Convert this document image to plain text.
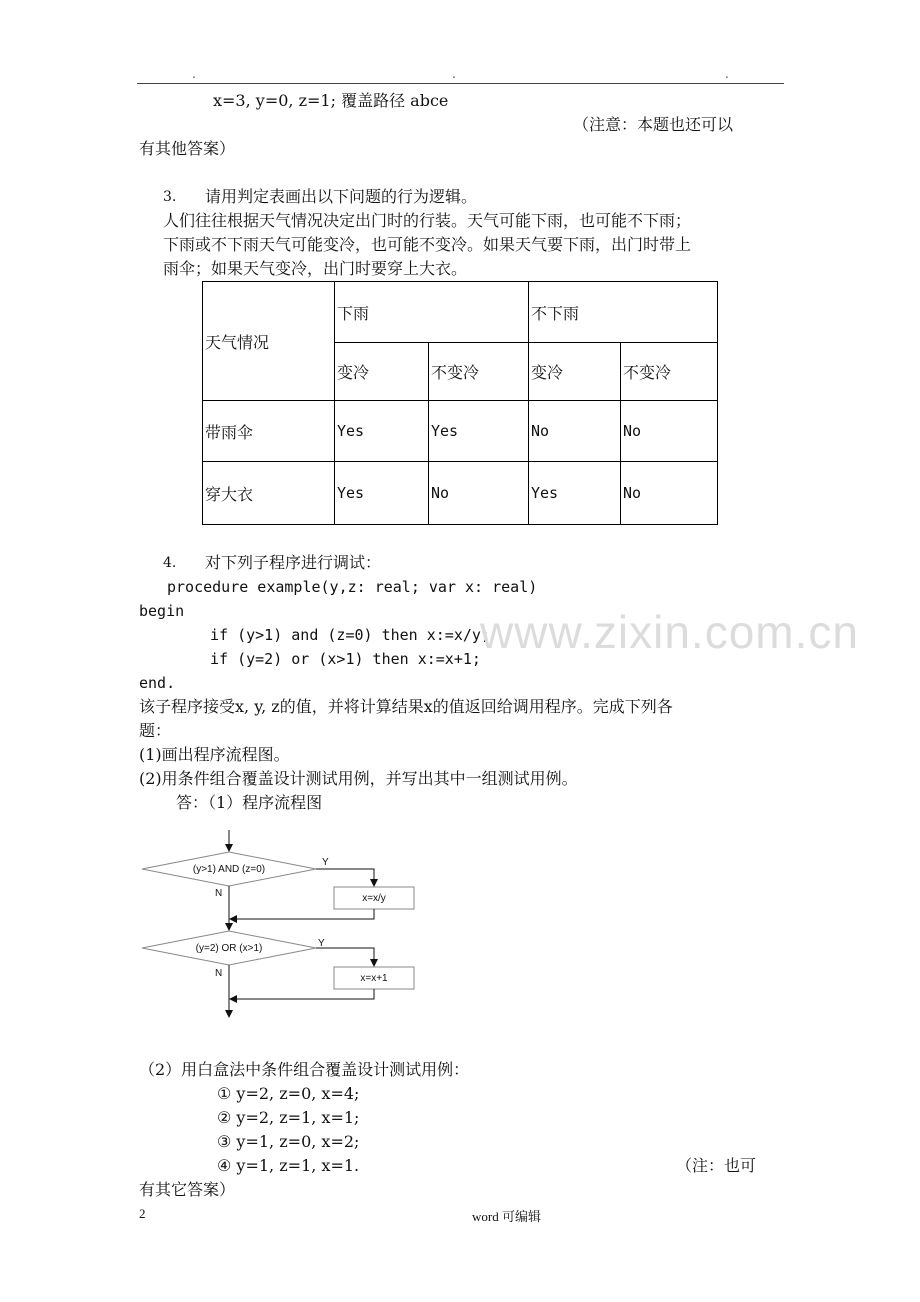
.	.	.
x=3, y=0, z=1; 覆盖路径 abce
（注意：本题也还可以
有其他答案）
3. 请用判定表画出以下问题的行为逻辑。
人们往往根据天气情况决定出门时的行装。天气可能下雨，也可能不下雨；
下雨或不下雨天气可能变冷，也可能不变冷。如果天气要下雨，出门时带上
雨伞；如果天气变冷，出门时要穿上大衣。
天气情况	下雨		不下雨	
	变冷	不变冷	变冷	不变冷
带雨伞	Yes	Yes	No	No
穿大衣	Yes	No	Yes	No
4. 对下列子程序进行调试：
procedure example(y,z: real; var x: real)
begin
if (y>1) and (z=0) then x:=x/y;
if (y=2) or (x>1) then x:=x+1;
end.
www.zixin.com.cn
该子程序接受x, y, z的值，并将计算结果x的值返回给调用程序。完成下列各
题：
(1)画出程序流程图。
(2)用条件组合覆盖设计测试用例，并写出其中一组测试用例。
答：（1）程序流程图
(y>1) AND (z=0)
Y
x=x/y
N
(y=2) OR (x>1)	Y
x=x+1
N
（2）用白盒法中条件组合覆盖设计测试用例：
① y=2, z=0, x=4;
② y=2, z=1, x=1;
③ y=1, z=0, x=2;
④ y=1, z=1, x=1.	（注：也可
有其它答案）
2	word 可编辑
